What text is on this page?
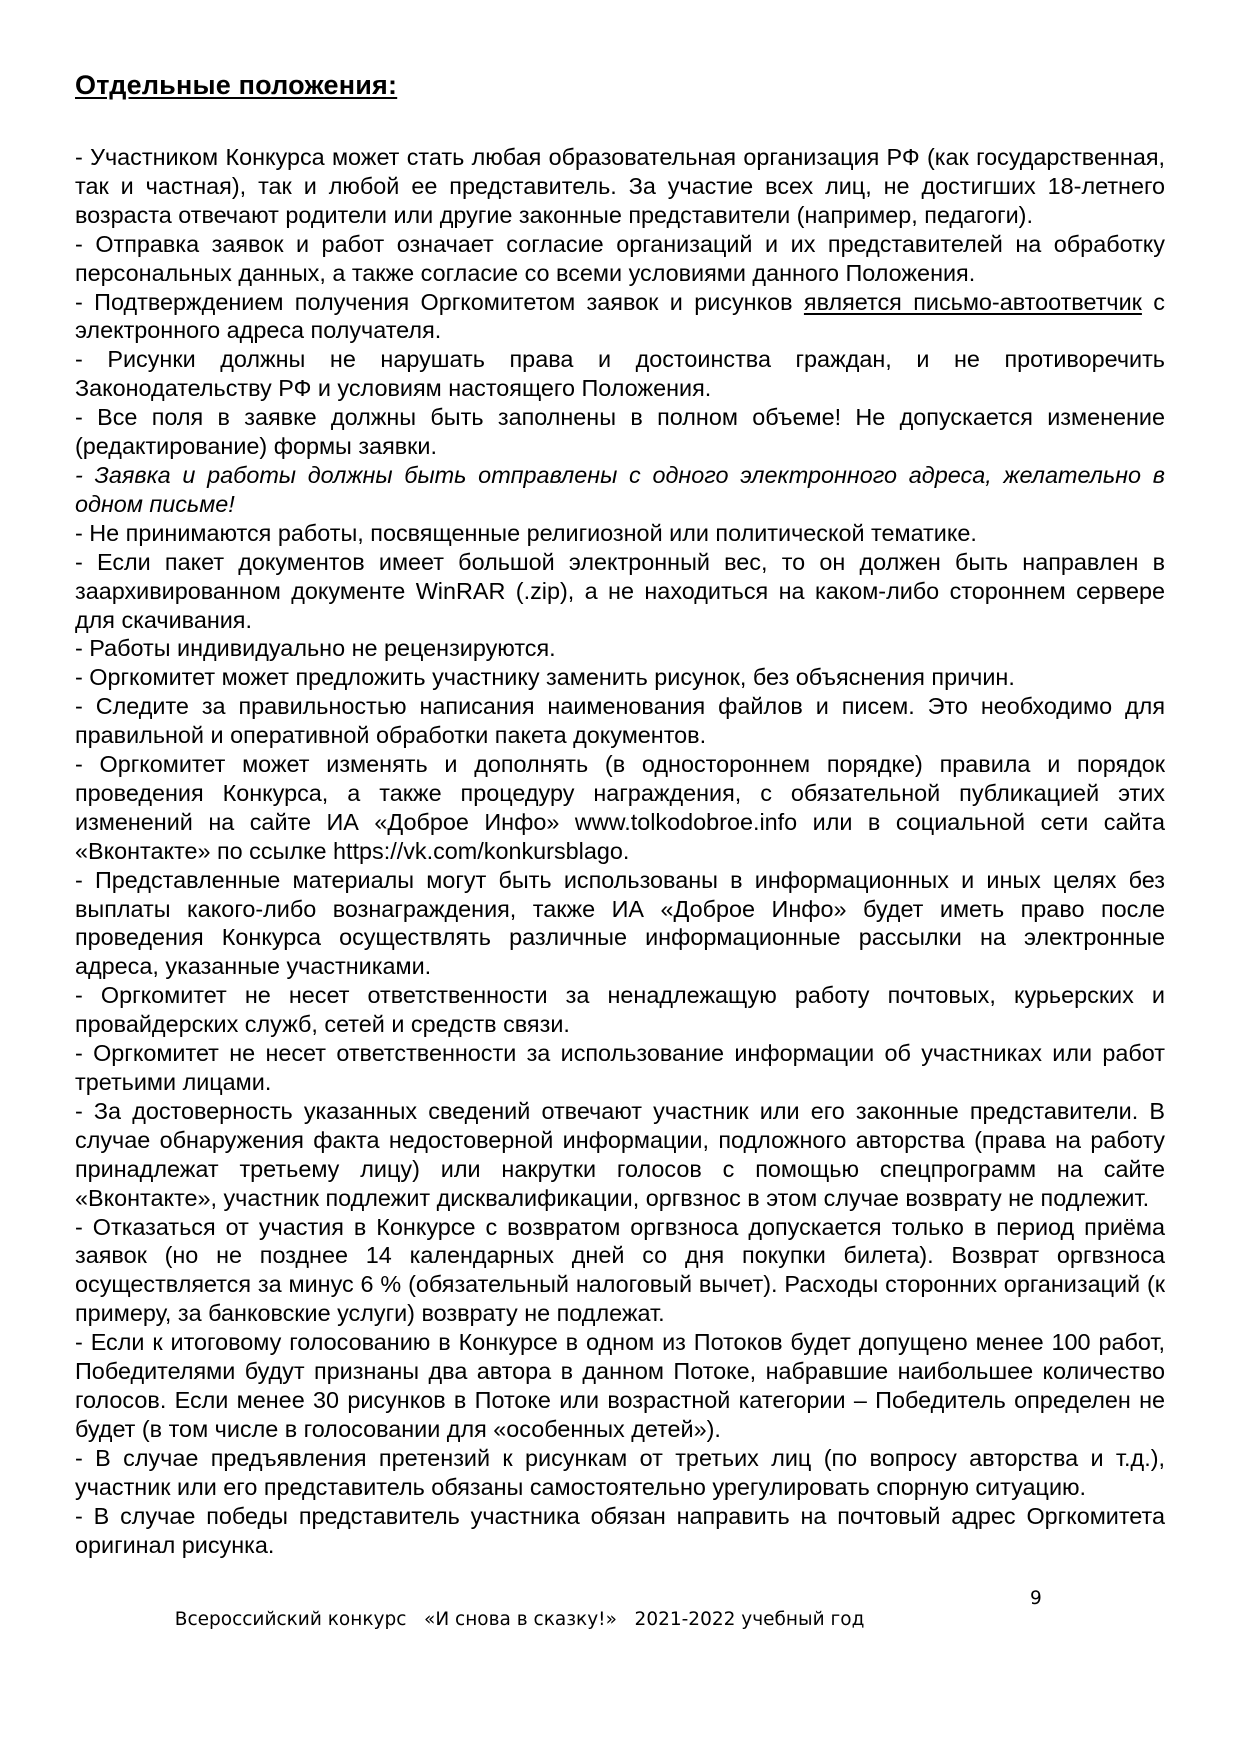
Отдельные положения:

- Участником Конкурса может стать любая образовательная организация РФ (как государственная, так и частная), так и любой ее представитель. За участие всех лиц, не достигших 18-летнего возраста отвечают родители или другие законные представители (например, педагоги).

- Отправка заявок и работ означает согласие организаций и их представителей на обработку персональных данных, а также согласие со всеми условиями данного Положения.

- Подтверждением получения Оргкомитетом заявок и рисунков является письмо-автоответчик с электронного адреса получателя.

- Рисунки должны не нарушать права и достоинства граждан, и не противоречить Законодательству РФ и условиям настоящего Положения.

- Все поля в заявке должны быть заполнены в полном объеме! Не допускается изменение (редактирование) формы заявки.

- Заявка и работы должны быть отправлены с одного электронного адреса, желательно в одном письме!

- Не принимаются работы, посвященные религиозной или политической тематике.

- Если пакет документов имеет большой электронный вес, то он должен быть направлен в заархивированном документе WinRAR (.zip), а не находиться на каком-либо стороннем сервере для скачивания.

- Работы индивидуально не рецензируются.

- Оргкомитет может предложить участнику заменить рисунок, без объяснения причин.

- Следите за правильностью написания наименования файлов и писем. Это необходимо для правильной и оперативной обработки пакета документов.

- Оргкомитет может изменять и дополнять (в одностороннем порядке) правила и порядок проведения Конкурса, а также процедуру награждения, с обязательной публикацией этих изменений на сайте ИА «Доброе Инфо» www.tolkodobroe.info или в социальной сети сайта «Вконтакте» по ссылке https://vk.com/konkursblago.

- Представленные материалы могут быть использованы в информационных и иных целях без выплаты какого-либо вознаграждения, также ИА «Доброе Инфо» будет иметь право после проведения Конкурса осуществлять различные информационные рассылки на электронные адреса, указанные участниками.

- Оргкомитет не несет ответственности за ненадлежащую работу почтовых, курьерских и провайдерских служб, сетей и средств связи.

- Оргкомитет не несет ответственности за использование информации об участниках или работ третьими лицами.

- За достоверность указанных сведений отвечают участник или его законные представители. В случае обнаружения факта недостоверной информации, подложного авторства (права на работу принадлежат третьему лицу) или накрутки голосов с помощью спецпрограмм на сайте «Вконтакте», участник подлежит дисквалификации, оргвзнос в этом случае возврату не подлежит.

- Отказаться от участия в Конкурсе с возвратом оргвзноса допускается только в период приёма заявок (но не позднее 14 календарных дней со дня покупки билета). Возврат оргвзноса осуществляется за минус 6 % (обязательный налоговый вычет). Расходы сторонних организаций (к примеру, за банковские услуги) возврату не подлежат.

- Если к итоговому голосованию в Конкурсе в одном из Потоков будет допущено менее 100 работ, Победителями будут признаны два автора в данном Потоке, набравшие наибольшее количество голосов. Если менее 30 рисунков в Потоке или возрастной категории – Победитель определен не будет (в том числе в голосовании для «особенных детей»).

- В случае предъявления претензий к рисункам от третьих лиц (по вопросу авторства и т.д.), участник или его представитель обязаны самостоятельно урегулировать спорную ситуацию.

- В случае победы представитель участника обязан направить на почтовый адрес Оргкомитета оригинал рисунка.

Всероссийский конкурс   «И снова в сказку!»   2021-2022 учебный год

9
